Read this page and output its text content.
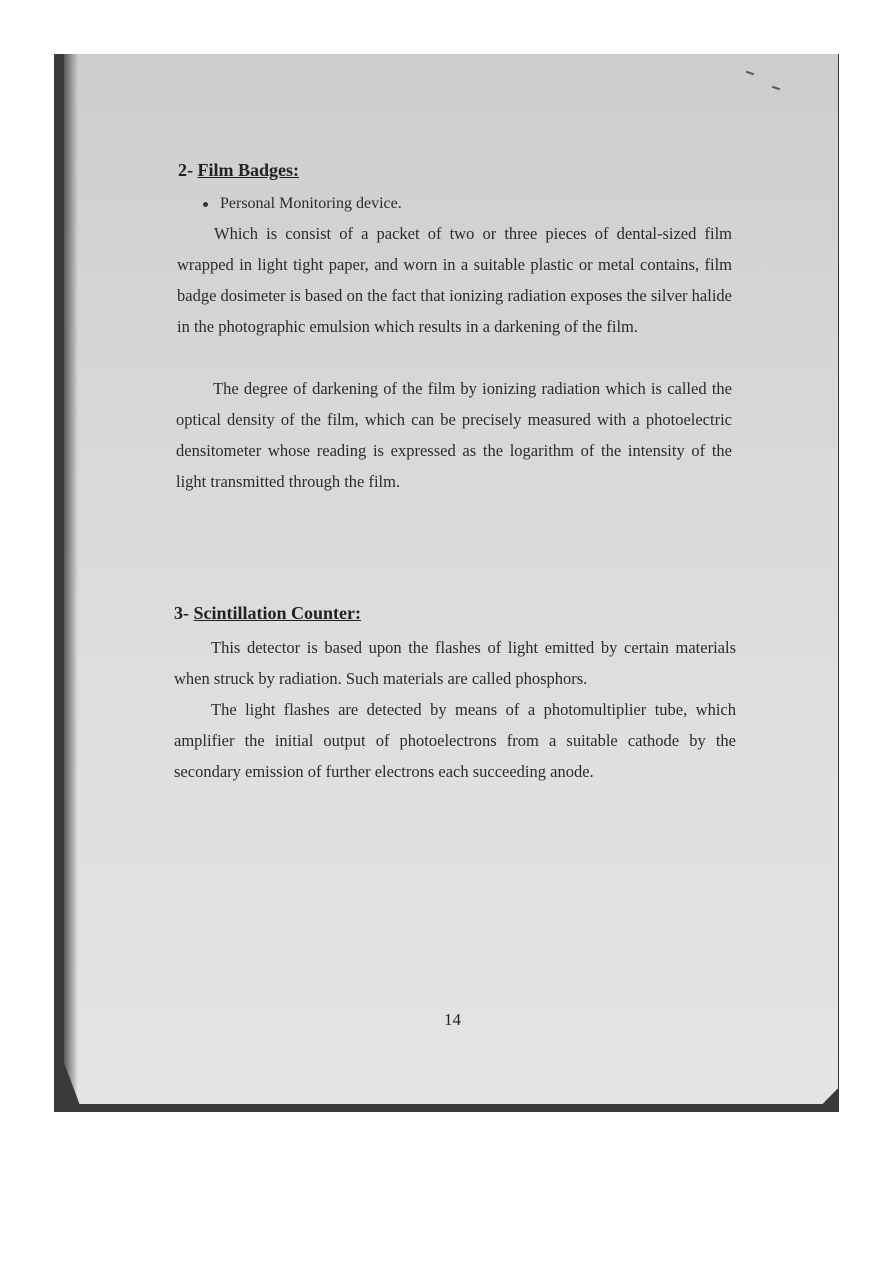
2- Film Badges:
Personal Monitoring device.

Which is consist of a packet of two or three pieces of dental-sized film wrapped in light tight paper, and worn in a suitable plastic or metal contains, film badge dosimeter is based on the fact that ionizing radiation exposes the silver halide in the photographic emulsion which results in a darkening of the film.

The degree of darkening of the film by ionizing radiation which is called the optical density of the film, which can be precisely measured with a photoelectric densitometer whose reading is expressed as the logarithm of the intensity of the light transmitted through the film.

3- Scintillation Counter:

This detector is based upon the flashes of light emitted by certain materials when struck by radiation. Such materials are called phosphors.

The light flashes are detected by means of a photomultiplier tube, which amplifier the initial output of photoelectrons from a suitable cathode by the secondary emission of further electrons each succeeding anode.

14
